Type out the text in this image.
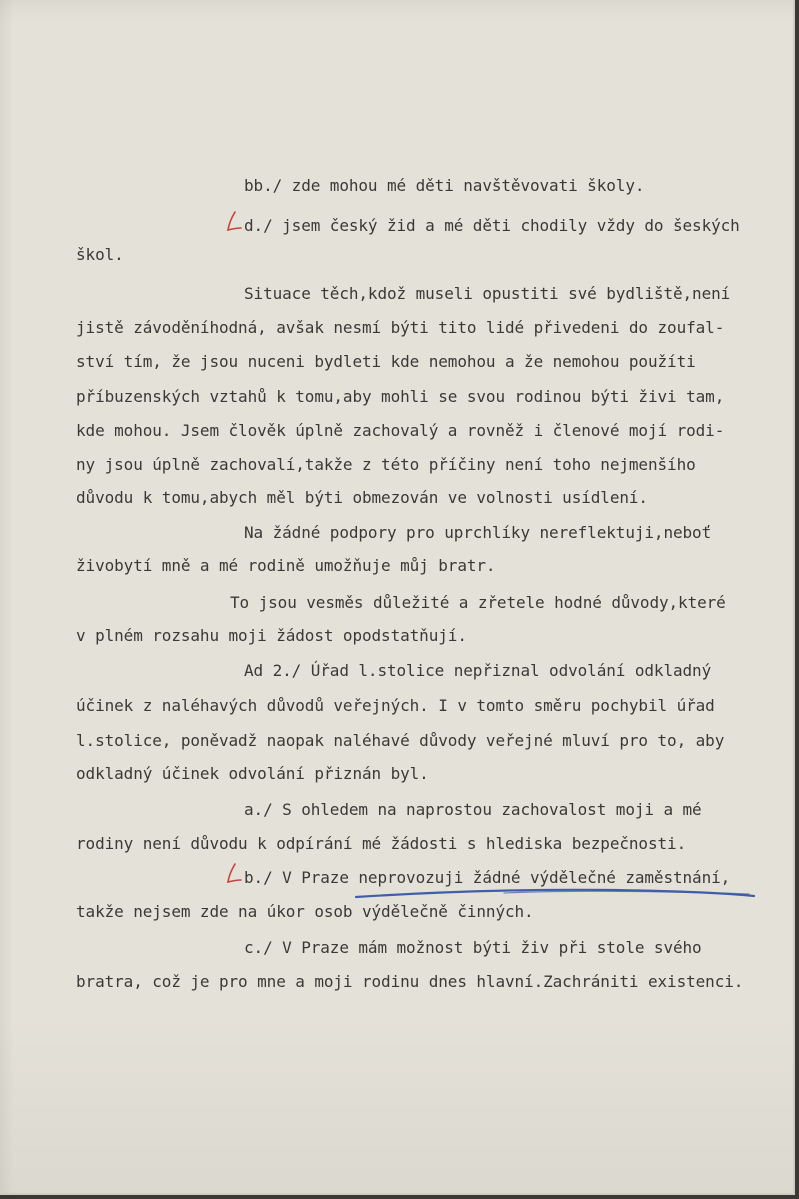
bb./ zde mohou mé děti navštěvovati školy.

d./ jsem český žid a mé děti chodily vždy do šeských

škol.

Situace těch,kdož museli opustiti své bydliště,není

jistě závoděníhodná, avšak nesmí býti tito lidé přivedeni do zoufal-

ství tím, že jsou nuceni bydleti kde nemohou a že nemohou použíti

příbuzenských vztahů k tomu,aby mohli se svou rodinou býti živi tam,

kde mohou. Jsem člověk úplně zachovalý a rovněž i členové mojí rodi-

ny jsou úplně zachovalí,takže z této příčiny není toho nejmenšího

důvodu k tomu,abych měl býti obmezován ve volnosti usídlení.

Na žádné podpory pro uprchlíky nereflektuji,neboť

živobytí mně a mé rodině umožňuje můj bratr.

To jsou vesměs důležité a zřetele hodné důvody,které

v plném rozsahu moji žádost opodstatňují.

Ad 2./ Úřad l.stolice nepřiznal odvolání odkladný

účinek z naléhavých důvodů veřejných. I v tomto směru pochybil úřad

l.stolice, poněvadž naopak naléhavé důvody veřejné mluví pro to, aby

odkladný účinek odvolání přiznán byl.

a./ S ohledem na naprostou zachovalost moji a mé

rodiny není důvodu k odpírání mé žádosti s hlediska bezpečnosti.

b./ V Praze neprovozuji žádné výdělečné zaměstnání,

takže nejsem zde na úkor osob výdělečně činných.

c./ V Praze mám možnost býti živ při stole svého

bratra, což je pro mne a moji rodinu dnes hlavní.Zachrániti existenci.
